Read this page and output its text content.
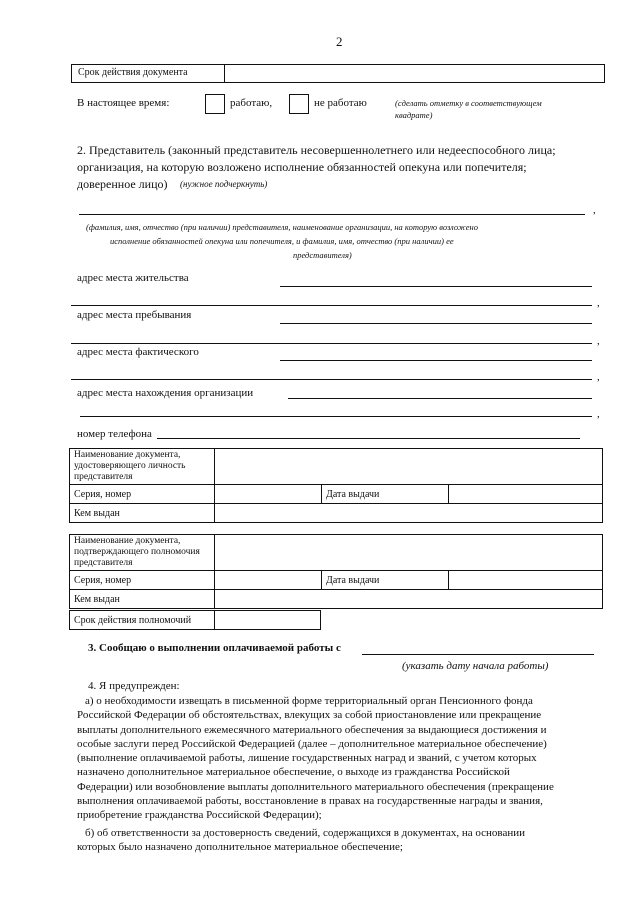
2
Срок действия документа
В настоящее время:	работаю,	не работаю	(сделать отметку в соответствующем
квадрате)
2. Представитель (законный представитель несовершеннолетнего или недееспособного лица;
организация, на которую возложено исполнение обязанностей опекуна или попечителя;
доверенное лицо) (нужное подчеркнуть)
,
(фамилия, имя, отчество (при наличии) представителя, наименование организации, на которую возложено
исполнение обязанностей опекуна или попечителя, и фамилия, имя, отчество (при наличии) ее
представителя)
адрес места жительства
,
адрес места пребывания
,
адрес места фактического
,
адрес места нахождения организации
,
номер телефона
Наименование документа, удостоверяющего личность представителя			
Серия, номер		Дата выдачи	
Кем выдан			
Наименование документа, подтверждающего полномочия представителя			
Серия, номер		Дата выдачи	
Кем выдан			
Срок действия полномочий	
3. Сообщаю о выполнении оплачиваемой работы с
(указать дату начала работы)
4. Я предупрежден:
а) о необходимости извещать в письменной форме территориальный орган Пенсионного фонда
Российской Федерации об обстоятельствах, влекущих за собой приостановление или прекращение
выплаты дополнительного ежемесячного материального обеспечения за выдающиеся достижения и
особые заслуги перед Российской Федерацией (далее – дополнительное материальное обеспечение)
(выполнение оплачиваемой работы, лишение государственных наград и званий, с учетом которых
назначено дополнительное материальное обеспечение, о выходе из гражданства Российской
Федерации) или возобновление выплаты дополнительного материального обеспечения (прекращение
выполнения оплачиваемой работы, восстановление в правах на государственные награды и звания,
приобретение гражданства Российской Федерации);
б) об ответственности за достоверность сведений, содержащихся в документах, на основании
которых было назначено дополнительное материальное обеспечение;
